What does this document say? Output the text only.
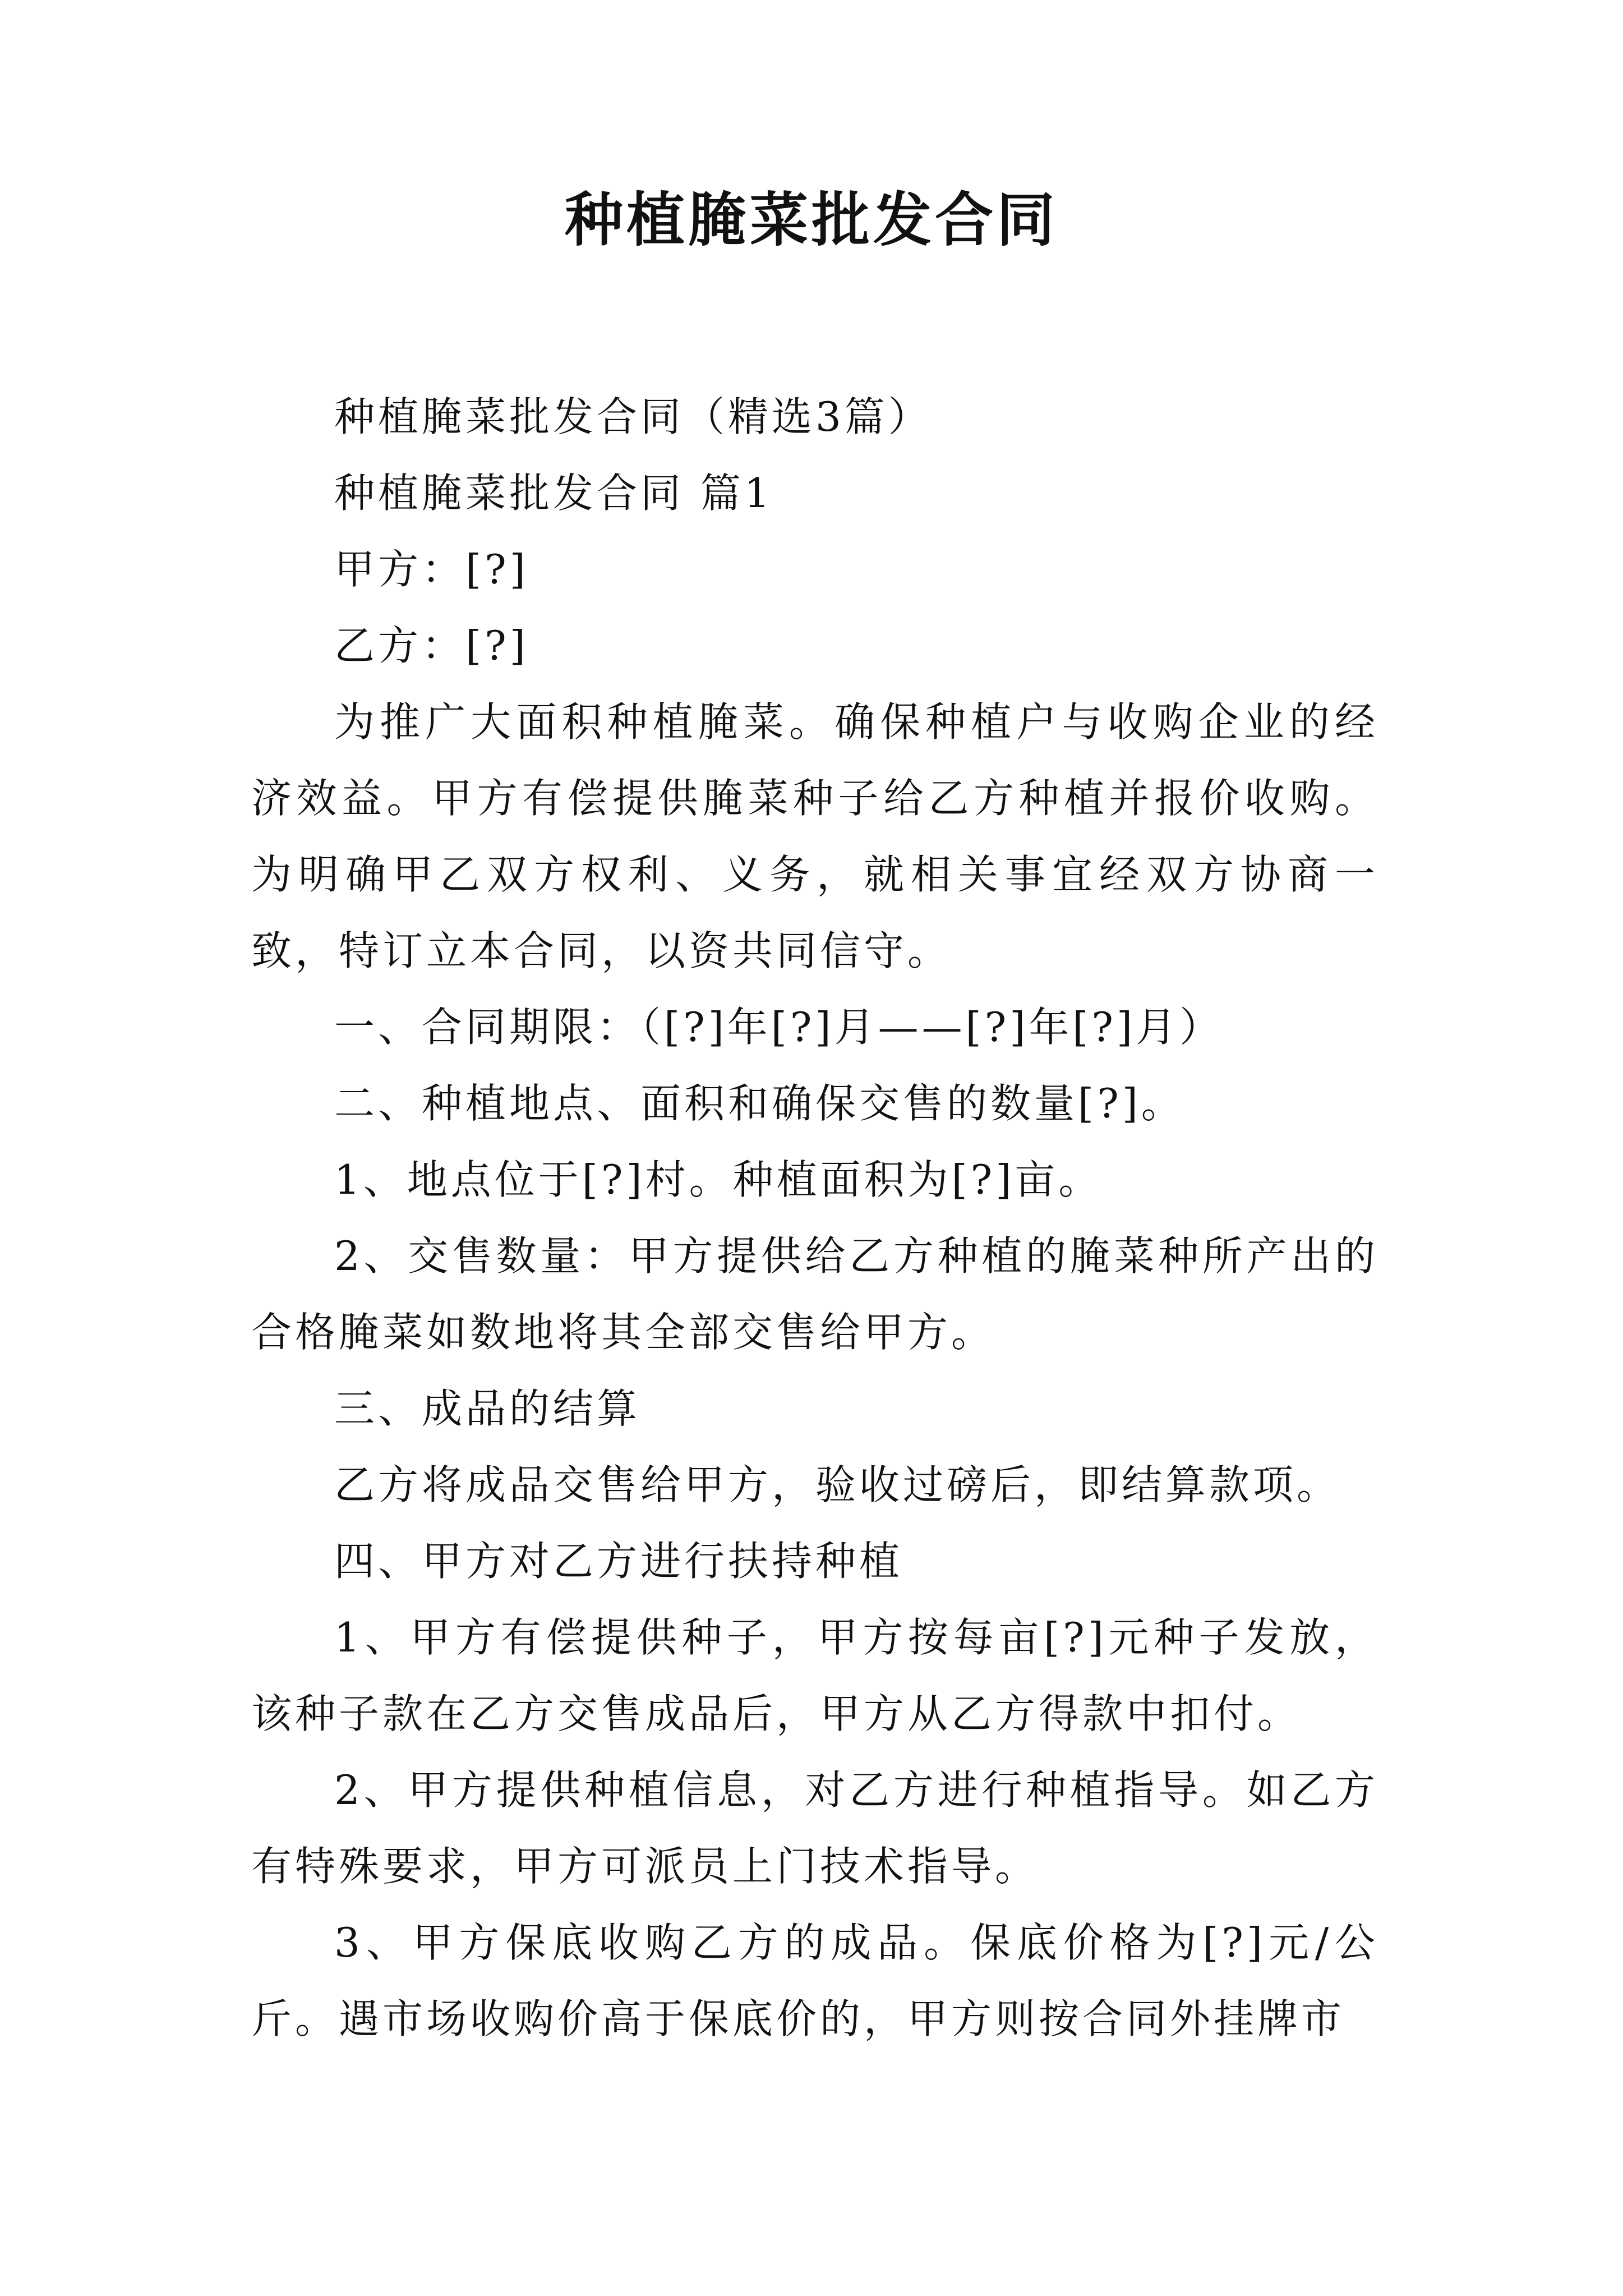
种植腌菜批发合同

种植腌菜批发合同（精选3篇）

种植腌菜批发合同 篇1

甲方：[?]

乙方：[?]

为推广大面积种植腌菜。确保种植户与收购企业的经济效益。甲方有偿提供腌菜种子给乙方种植并报价收购。为明确甲乙双方权利、义务，就相关事宜经双方协商一致，特订立本合同，以资共同信守。

一、合同期限：（[?]年[?]月——[?]年[?]月）

二、种植地点、面积和确保交售的数量[?]。

1、地点位于[?]村。种植面积为[?]亩。

2、交售数量：甲方提供给乙方种植的腌菜种所产出的合格腌菜如数地将其全部交售给甲方。

三、成品的结算

乙方将成品交售给甲方，验收过磅后，即结算款项。

四、甲方对乙方进行扶持种植

1、甲方有偿提供种子，甲方按每亩[?]元种子发放，该种子款在乙方交售成品后，甲方从乙方得款中扣付。

2、甲方提供种植信息，对乙方进行种植指导。如乙方有特殊要求，甲方可派员上门技术指导。

3、甲方保底收购乙方的成品。保底价格为[?]元/公斤。遇市场收购价高于保底价的，甲方则按合同外挂牌市
